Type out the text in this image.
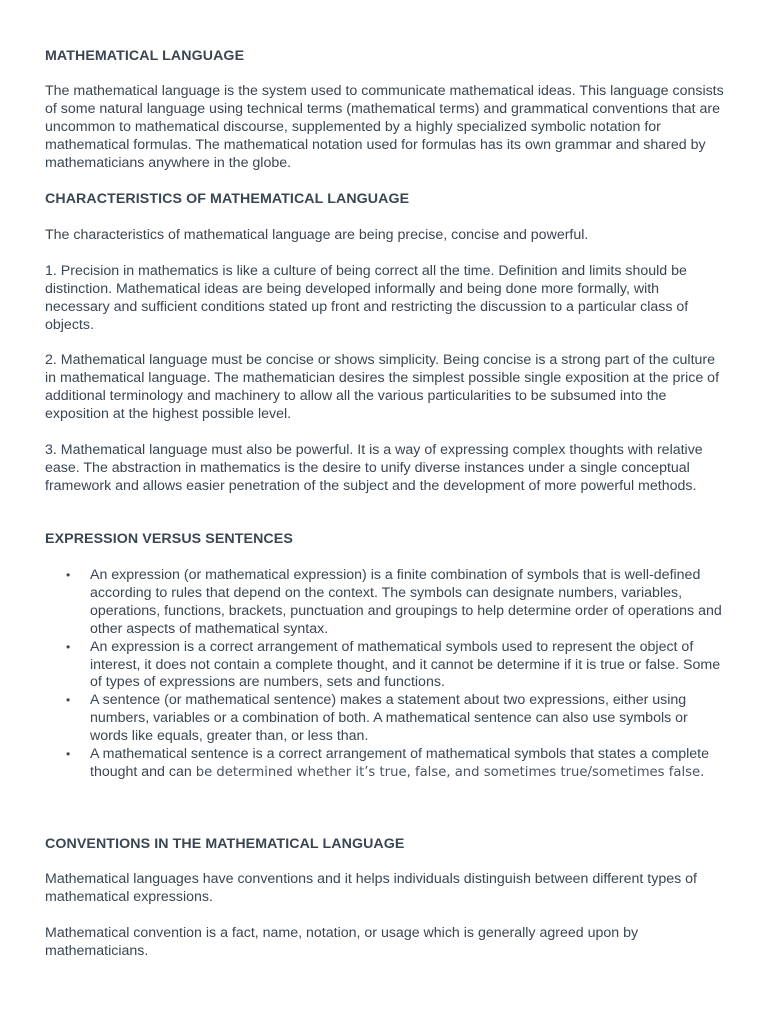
MATHEMATICAL LANGUAGE

The mathematical language is the system used to communicate mathematical ideas. This language consists of some natural language using technical terms (mathematical terms) and grammatical conventions that are uncommon to mathematical discourse, supplemented by a highly specialized symbolic notation for mathematical formulas. The mathematical notation used for formulas has its own grammar and shared by mathematicians anywhere in the globe.

CHARACTERISTICS OF MATHEMATICAL LANGUAGE

The characteristics of mathematical language are being precise, concise and powerful.

1. Precision in mathematics is like a culture of being correct all the time. Definition and limits should be distinction. Mathematical ideas are being developed informally and being done more formally, with necessary and sufficient conditions stated up front and restricting the discussion to a particular class of objects.

2. Mathematical language must be concise or shows simplicity. Being concise is a strong part of the culture in mathematical language. The mathematician desires the simplest possible single exposition at the price of additional terminology and machinery to allow all the various particularities to be subsumed into the exposition at the highest possible level.

3. Mathematical language must also be powerful. It is a way of expressing complex thoughts with relative ease. The abstraction in mathematics is the desire to unify diverse instances under a single conceptual framework and allows easier penetration of the subject and the development of more powerful methods.

EXPRESSION VERSUS SENTENCES
• An expression (or mathematical expression) is a finite combination of symbols that is well-defined according to rules that depend on the context. The symbols can designate numbers, variables, operations, functions, brackets, punctuation and groupings to help determine order of operations and other aspects of mathematical syntax.
• An expression is a correct arrangement of mathematical symbols used to represent the object of interest, it does not contain a complete thought, and it cannot be determine if it is true or false. Some of types of expressions are numbers, sets and functions.
• A sentence (or mathematical sentence) makes a statement about two expressions, either using numbers, variables or a combination of both. A mathematical sentence can also use symbols or words like equals, greater than, or less than.
• A mathematical sentence is a correct arrangement of mathematical symbols that states a complete thought and can be determined whether it’s true, false, and sometimes true/sometimes false.
CONVENTIONS IN THE MATHEMATICAL LANGUAGE

Mathematical languages have conventions and it helps individuals distinguish between different types of mathematical expressions.

Mathematical convention is a fact, name, notation, or usage which is generally agreed upon by mathematicians.
